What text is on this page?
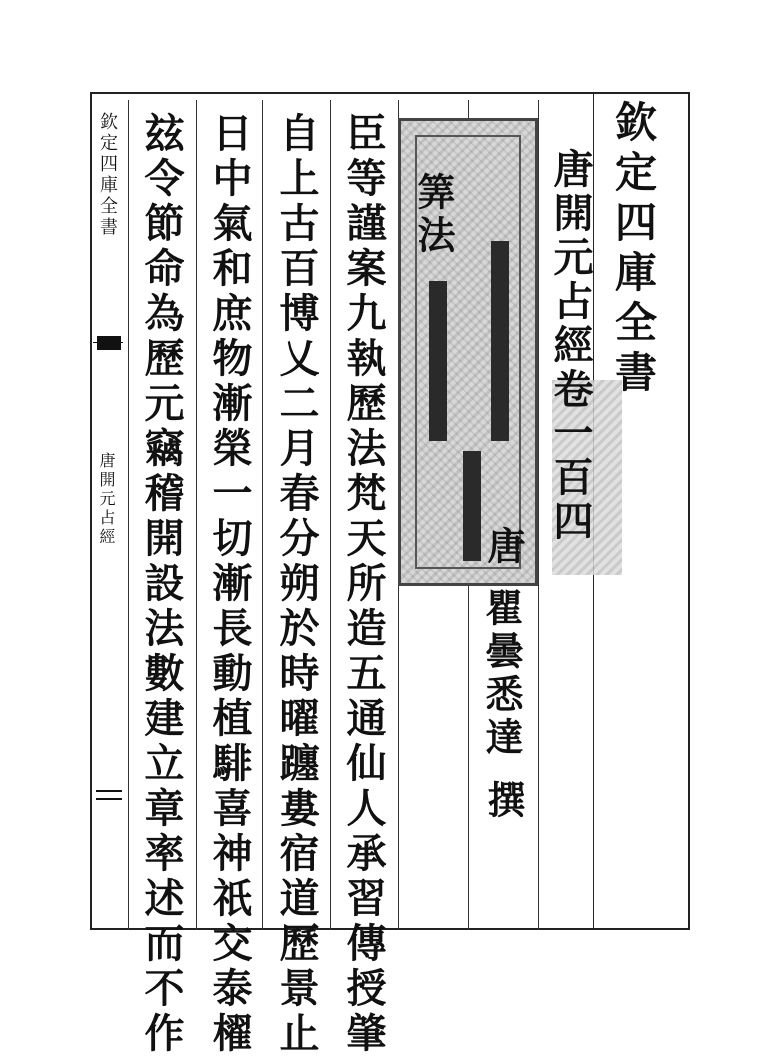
欽定四庫全書
唐開元占經	臣等謹案九執歷法梵天所造五通仙人承習傳授肇
自上古百博乂二月春分朔於時曜躔婁宿道歷景止
日中氣和庶物漸榮一切漸長動植騑喜神祇交泰櫂
玆令節命為歷元竊稽開設法數建立章率述而不作	筭法 唐開元占經卷一百四
唐
瞿曇悉達
撰
欽定四庫全書
